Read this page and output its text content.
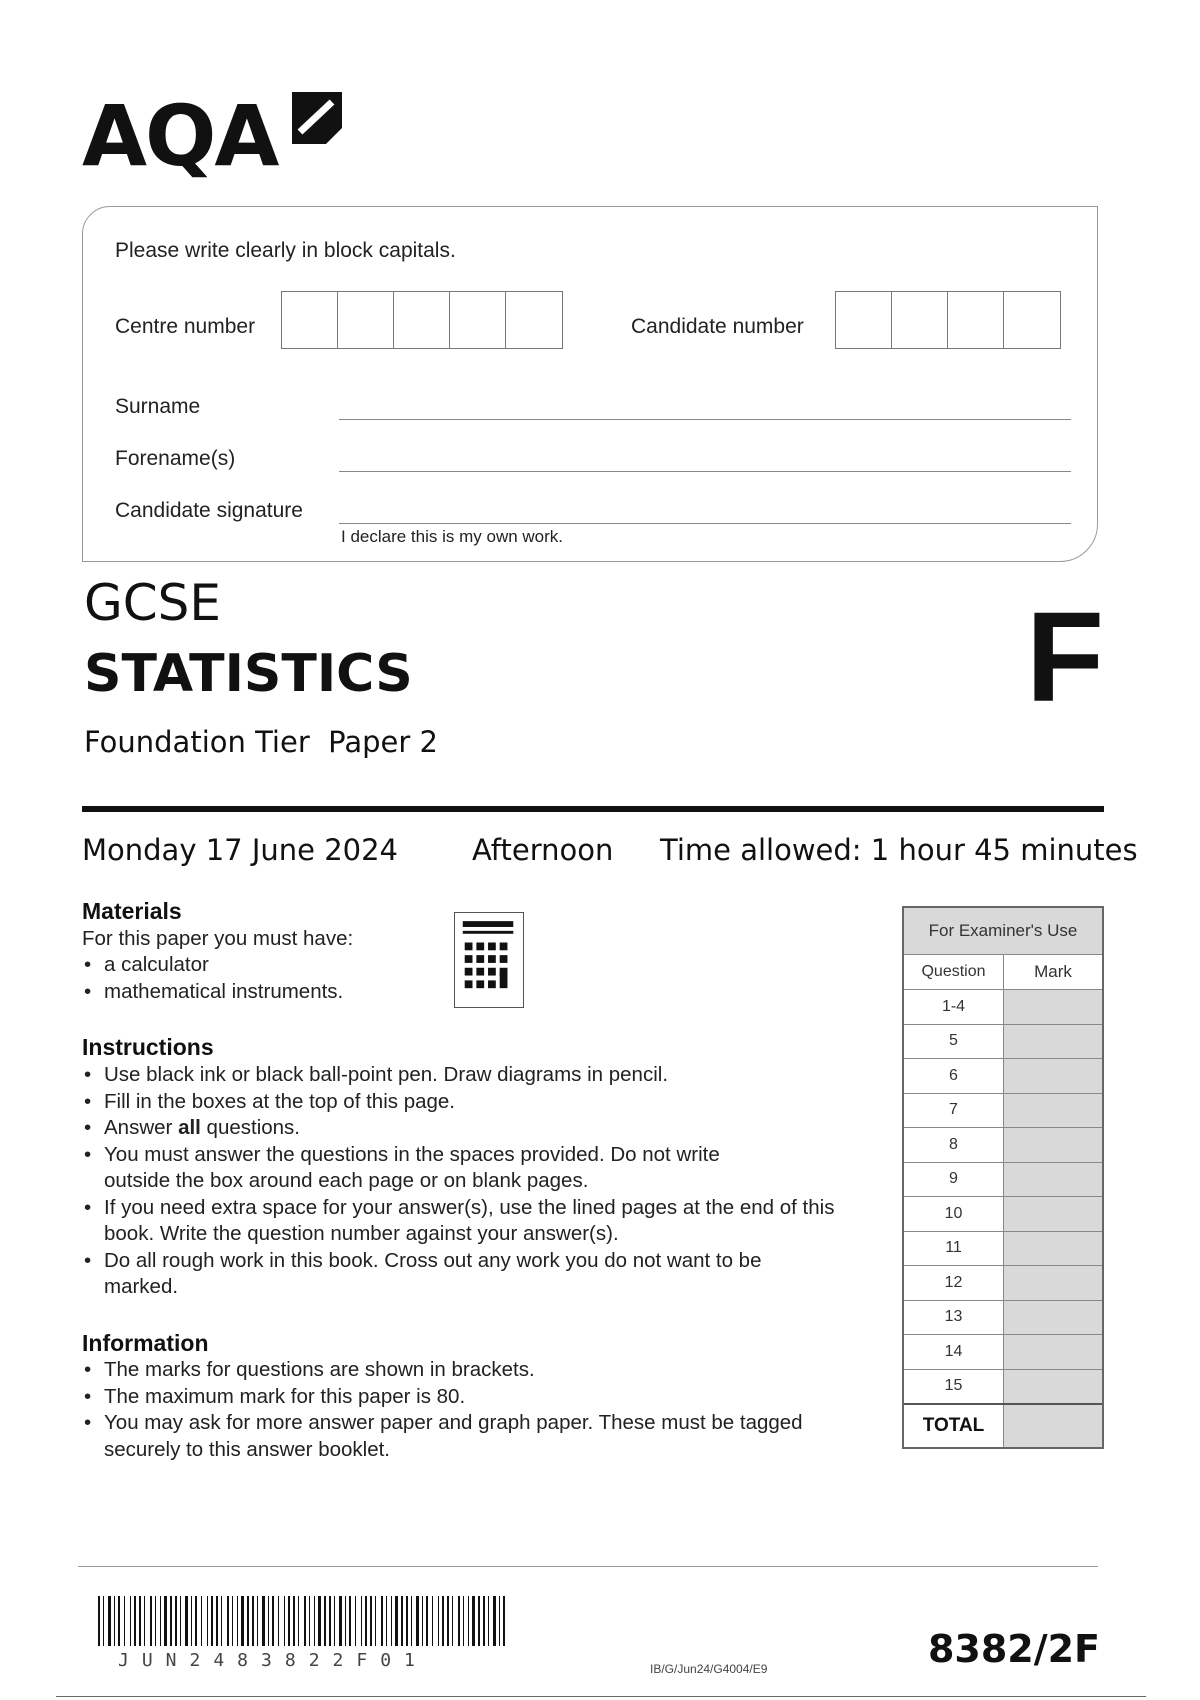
AQA
Please write clearly in block capitals.
Centre number	Candidate number
Surname
Forename(s)
Candidate signature
I declare this is my own work.
GCSE
STATISTICS
Foundation Tier  Paper 2
F
Monday 17 June 2024	Afternoon Time allowed: 1 hour 45 minutes
Materials
For this paper you must have:
• a calculator
• mathematical instruments.
Instructions
• Use black ink or black ball-point pen. Draw diagrams in pencil.
• Fill in the boxes at the top of this page.
• Answer all questions.
• You must answer the questions in the spaces provided. Do not write outside the box around each page or on blank pages.
• If you need extra space for your answer(s), use the lined pages at the end of this book. Write the question number against your answer(s).
• Do all rough work in this book. Cross out any work you do not want to be marked.
Information
• The marks for questions are shown in brackets.
• The maximum mark for this paper is 80.
• You may ask for more answer paper and graph paper. These must be tagged securely to this answer booklet.
For Examiner's Use
Question	Mark
1-4
5
6
7
8
9
10
11
12
13
14
15
TOTAL
JUN2483822F01	IB/G/Jun24/G4004/E9	8382/2F
